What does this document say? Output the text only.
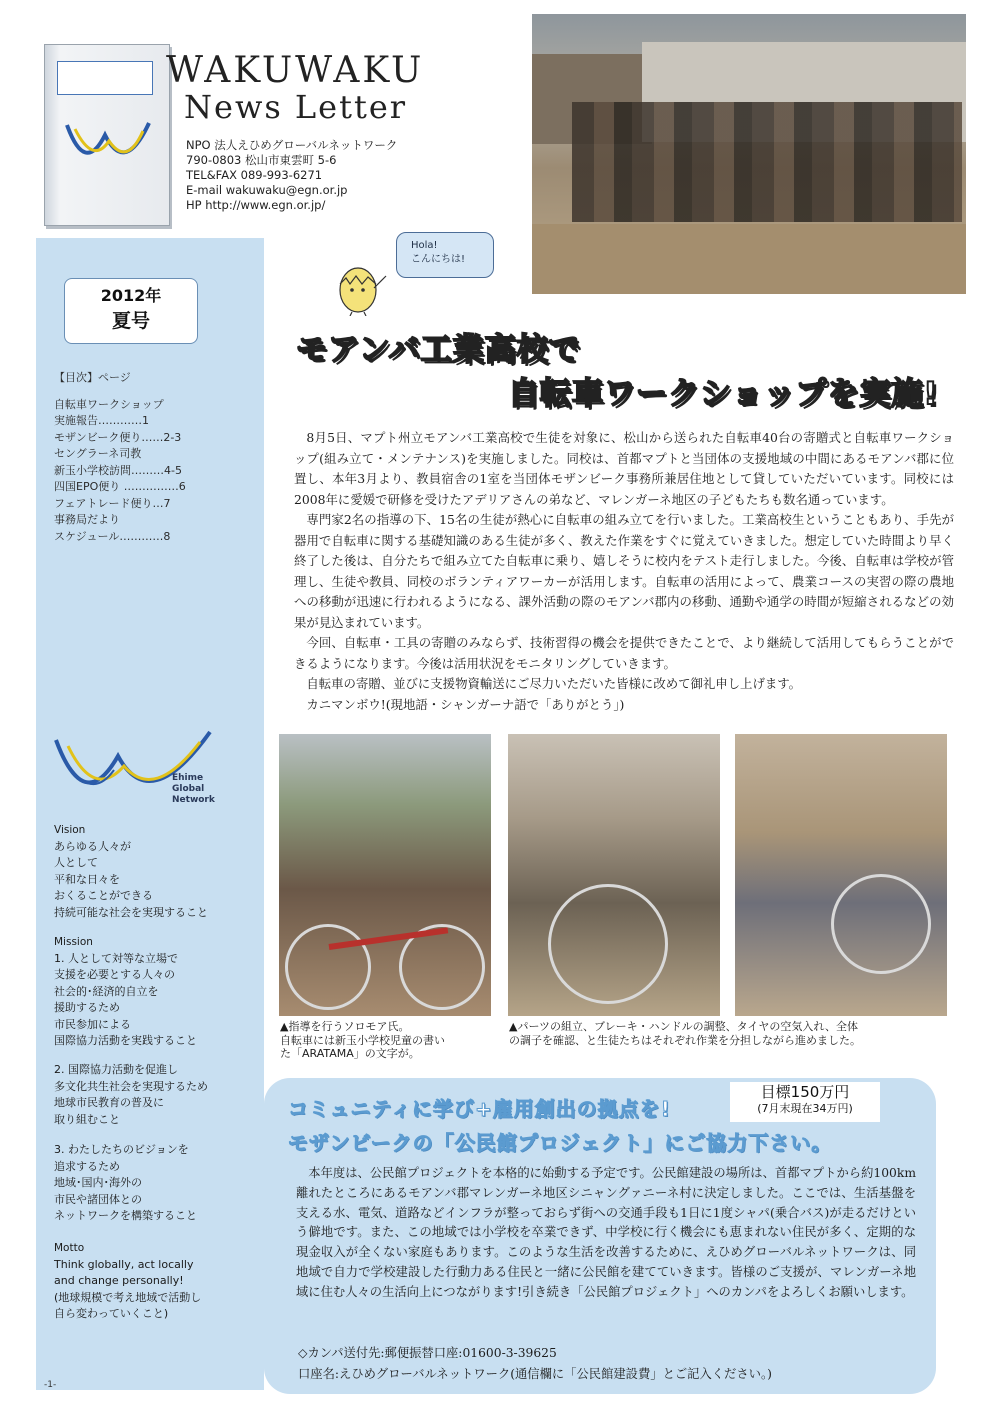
WAKUWAKU
News Letter
NPO 法人えひめグローバルネットワーク
790-0803 松山市東雲町 5-6
TEL&FAX 089-993-6271
E-mail wakuwaku@egn.or.jp
HP http://www.egn.or.jp/
Hola!
こんにちは!
2012年
夏号
【目次】ページ
自転車ワークショップ
実施報告…………1
モザンビーク便り……2-3
セングラーネ司教
新玉小学校訪問………4-5
四国EPO便り ……………6
フェアトレード便り…7
事務局だより
スケジュール…………8
Ehime
Global
Network
Vision
あらゆる人々が
人として
平和な日々を
おくることができる
持続可能な社会を実現すること
Mission
1. 人として対等な立場で
支援を必要とする人々の
社会的･経済的自立を
援助するため
市民参加による
国際協力活動を実践すること
2. 国際協力活動を促進し
多文化共生社会を実現するため
地球市民教育の普及に
取り組むこと
3. わたしたちのビジョンを
追求するため
地域･国内･海外の
市民や諸団体との
ネットワークを構築すること
Motto
Think globally, act locally
and change personally!
(地球規模で考え地域で活動し
自ら変わっていくこと)
モアンバ工業高校で
自転車ワークショップを実施!

8月5日、マプト州立モアンバ工業高校で生徒を対象に、松山から送られた自転車40台の寄贈式と自転車ワークショップ(組み立て・メンテナンス)を実施しました。同校は、首都マプトと当団体の支援地域の中間にあるモアンバ郡に位置し、本年3月より、教員宿舎の1室を当団体モザンビーク事務所兼居住地として貸していただいています。同校には2008年に愛媛で研修を受けたアデリアさんの弟など、マレンガーネ地区の子どもたちも数名通っています。

専門家2名の指導の下、15名の生徒が熱心に自転車の組み立てを行いました。工業高校生ということもあり、手先が器用で自転車に関する基礎知識のある生徒が多く、教えた作業をすぐに覚えていきました。想定していた時間より早く終了した後は、自分たちで組み立てた自転車に乗り、嬉しそうに校内をテスト走行しました。今後、自転車は学校が管理し、生徒や教員、同校のボランティアワーカーが活用します。自転車の活用によって、農業コースの実習の際の農地への移動が迅速に行われるようになる、課外活動の際のモアンバ郡内の移動、通勤や通学の時間が短縮されるなどの効果が見込まれています。

今回、自転車・工具の寄贈のみならず、技術習得の機会を提供できたことで、より継続して活用してもらうことができるようになります。今後は活用状況をモニタリングしていきます。

自転車の寄贈、並びに支援物資輸送にご尽力いただいた皆様に改めて御礼申し上げます。

カニマンボウ!(現地語・シャンガーナ語で「ありがとう」)

▲指導を行うソロモア氏。
自転車には新玉小学校児童の書い
た「ARATAMA」の文字が。
▲パーツの組立、ブレーキ・ハンドルの調整、タイヤの空気入れ、全体
の調子を確認、と生徒たちはそれぞれ作業を分担しながら進めました。
目標150万円
(7月末現在34万円)
コミュニティに学び+雇用創出の拠点を!
モザンビークの「公民館プロジェクト」にご協力下さい。

本年度は、公民館プロジェクトを本格的に始動する予定です。公民館建設の場所は、首都マプトから約100km離れたところにあるモアンバ郡マレンガーネ地区シニャングァニーネ村に決定しました。ここでは、生活基盤を支える水、電気、道路などインフラが整っておらず街への交通手段も1日に1度シャパ(乗合バス)が走るだけという僻地です。また、この地域では小学校を卒業できず、中学校に行く機会にも恵まれない住民が多く、定期的な現金収入が全くない家庭もあります。このような生活を改善するために、えひめグローバルネットワークは、同地域で自力で学校建設した行動力ある住民と一緒に公民館を建てていきます。皆様のご支援が、マレンガーネ地域に住む人々の生活向上につながります!引き続き「公民館プロジェクト」へのカンパをよろしくお願いします。

◇カンパ送付先:郵便振替口座:01600-3-39625
口座名:えひめグローバルネットワーク(通信欄に「公民館建設費」とご記入ください。)
-1-
